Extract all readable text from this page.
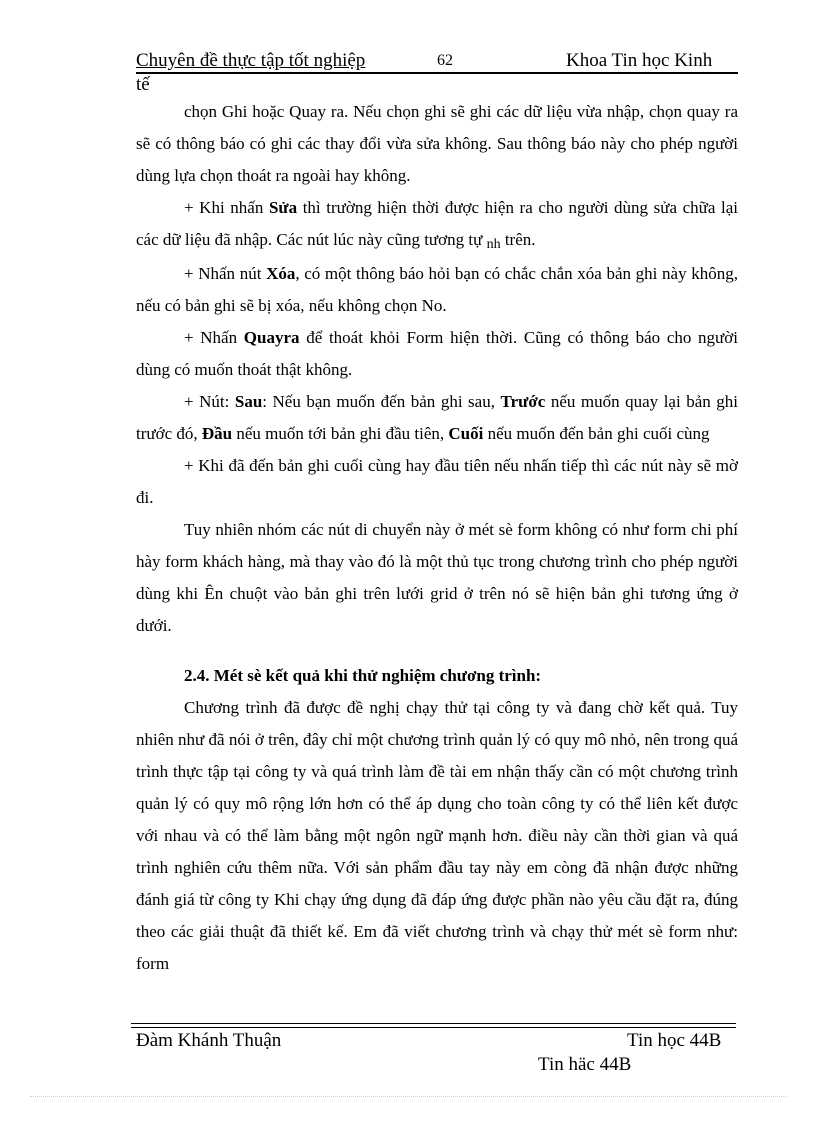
Chuyên đề thực tập tốt nghiệp	62	Khoa Tin học Kinh
tế

chọn Ghi hoặc Quay ra. Nếu chọn ghi sẽ ghi các dữ liệu vừa nhập, chọn quay ra sẽ có thông báo có ghi các thay đổi vừa sửa không. Sau thông báo này cho phép người dùng lựa chọn thoát ra ngoài hay không.

+ Khi nhấn Sửa thì trường hiện thời được hiện ra cho người dùng sửa chữa lại các dữ liệu đã nhập. Các nút lúc này cũng tương tự nh trên.

+ Nhấn nút Xóa, có một thông báo hỏi bạn có chắc chắn xóa bản ghi này không, nếu có bản ghi sẽ bị xóa, nếu không chọn No.

+ Nhấn Quayra để thoát khỏi Form hiện thời. Cũng có thông báo cho người dùng có muốn thoát thật không.

+ Nút: Sau: Nếu bạn muốn đến bản ghi sau, Trước nếu muốn quay lại bản ghi trước đó, Đầu nếu muốn tới bản ghi đầu tiên, Cuối nếu muốn đến bản ghi cuối cùng

+ Khi đã đến bản ghi cuối cùng hay đầu tiên nếu nhấn tiếp thì các nút này sẽ mờ đi.

Tuy nhiên nhóm các nút di chuyển này ở mét sè form không có như form chi phí hày form khách hàng, mà thay vào đó là một thủ tục trong chương trình cho phép người dùng khi Ên chuột vào bản ghi trên lưới grid ở trên nó sẽ hiện bản ghi tương ứng ở dưới.

2.4. Mét sè kết quả khi thử nghiệm chương trình:

Chương trình đã được đề nghị chạy thử tại công ty và đang chờ kết quả. Tuy nhiên như đã nói ở trên, đây chỉ một chương trình quản lý có quy mô nhỏ, nên trong quá trình thực tập tại công ty và quá trình làm đề tài em nhận thấy cần có một chương trình quản lý có quy mô rộng lớn hơn có thể áp dụng cho toàn công ty có thể liên kết được với nhau và có thể làm bằng một ngôn ngữ mạnh hơn. điều này cần thời gian và quá trình nghiên cứu thêm nữa. Với sản phẩm đầu tay này em còng đã nhận được những đánh giá từ công ty Khi chạy ứng dụng đã đáp ứng được phần nào yêu cầu đặt ra, đúng theo các giải thuật đã thiết kế. Em đã viết chương trình và chạy thử mét sè form như: form

Đàm Khánh Thuận	Tin học 44B
Tin häc 44B
